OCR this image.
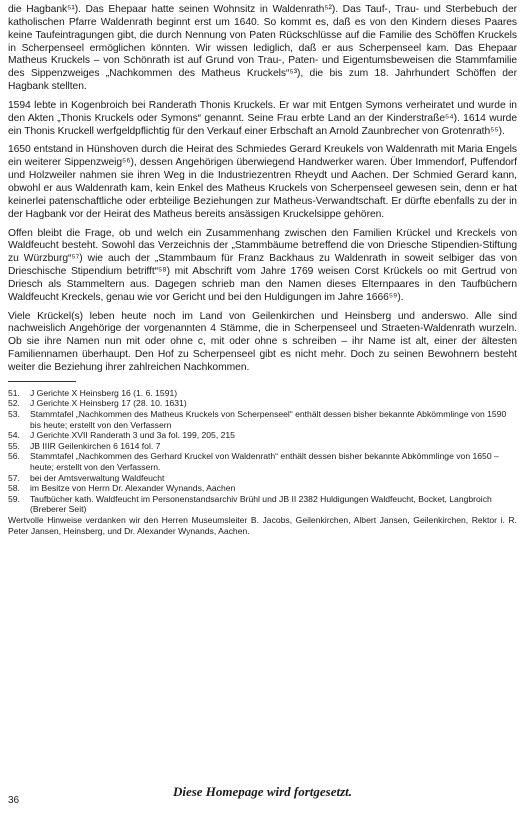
die Hagbank⁵¹). Das Ehepaar hatte seinen Wohnsitz in Waldenrath⁵²). Das Tauf-, Trau- und Sterbebuch der katholischen Pfarre Waldenrath beginnt erst um 1640. So kommt es, daß es von den Kindern dieses Paares keine Taufeintragungen gibt, die durch Nennung von Paten Rückschlüsse auf die Familie des Schöffen Kruckels in Scherpenseel ermöglichen könnten. Wir wissen lediglich, daß er aus Scherpenseel kam. Das Ehepaar Matheus Kruckels – von Schönrath ist auf Grund von Trau-, Paten- und Eigentumsbeweisen die Stammfamilie des Sippenzweiges „Nachkommen des Matheus Kruckels“⁵³), die bis zum 18. Jahrhundert Schöffen der Hagbank stellten.

1594 lebte in Kogenbroich bei Randerath Thonis Kruckels. Er war mit Entgen Symons verheiratet und wurde in den Akten „Thonis Kruckels oder Symons“ genannt. Seine Frau erbte Land an der Kinderstraße⁵⁴). 1614 wurde ein Thonis Kruckell werfgeldpflichtig für den Verkauf einer Erbschaft an Arnold Zaunbrecher von Grotenrath⁵⁵).

1650 entstand in Hünshoven durch die Heirat des Schmiedes Gerard Kreukels von Waldenrath mit Maria Engels ein weiterer Sippenzweig⁵⁶), dessen Angehörigen überwiegend Handwerker waren. Über Immendorf, Puffendorf und Holzweiler nahmen sie ihren Weg in die Industriezentren Rheydt und Aachen. Der Schmied Gerard kann, obwohl er aus Waldenrath kam, kein Enkel des Matheus Kruckels von Scherpenseel gewesen sein, denn er hat keinerlei patenschaftliche oder erbteilige Beziehungen zur Matheus-Verwandtschaft. Er dürfte ebenfalls zu der in der Hagbank vor der Heirat des Matheus bereits ansässigen Kruckelsippe gehören.

Offen bleibt die Frage, ob und welch ein Zusammenhang zwischen den Familien Krückel und Kreckels von Waldfeucht besteht. Sowohl das Verzeichnis der „Stammbäume betreffend die von Driesche Stipendien-Stiftung zu Würzburg“⁵⁷) wie auch der „Stammbaum für Franz Backhaus zu Waldenrath in soweit selbiger das von Drieschische Stipendium betrifft“⁵⁸) mit Abschrift vom Jahre 1769 weisen Corst Krückels oo mit Gertrud von Driesch als Stammeltern aus. Dagegen schrieb man den Namen dieses Elternpaares in den Taufbüchern Waldfeucht Kreckels, genau wie vor Gericht und bei den Huldigungen im Jahre 1666⁵⁹).

Viele Krückel(s) leben heute noch im Land von Geilenkirchen und Heinsberg und anderswo. Alle sind nachweislich Angehörige der vorgenannten 4 Stämme, die in Scherpenseel und Straeten-Waldenrath wurzeln. Ob sie ihre Namen nun mit oder ohne c, mit oder ohne s schreiben – ihr Name ist alt, einer der ältesten Familiennamen überhaupt. Den Hof zu Scherpenseel gibt es nicht mehr. Doch zu seinen Bewohnern besteht weiter die Beziehung ihrer zahlreichen Nachkommen.

51.	J Gerichte X Heinsberg 16 (1. 6. 1591)
52.	J Gerichte X Heinsberg 17 (28. 10. 1631)
53.	Stammtafel „Nachkommen des Matheus Kruckels von Scherpenseel“ enthält dessen bisher bekannte Abkömmlinge von 1590 bis heute; erstellt von den Verfassern
54.	J Gerichte XVII Randerath 3 und 3a fol. 199, 205, 215
55.	JB IIIR Geilenkirchen 6 1614 fol. 7
56.	Stammtafel „Nachkommen des Gerhard Kruckel von Waldenrath“ enthält dessen bisher bekannte Abkömmlinge von 1650 – heute; erstellt von den Verfassern.
57.	bei der Amtsverwaltung Waldfeucht
58.	im Besitze von Herrn Dr. Alexander Wynands, Aachen
59.	Taufbücher kath. Waldfeucht im Personenstandsarchiv Brühl und JB II 2382 Huldigungen Waldfeucht, Bocket, Langbroich (Breberer Seit)

Wertvolle Hinweise verdanken wir den Herren Museumsleiter B. Jacobs, Geilenkirchen, Albert Jansen, Geilenkirchen, Rektor i. R. Peter Jansen, Heinsberg, und Dr. Alexander Wynands, Aachen.

Diese Homepage wird fortgesetzt.
36
